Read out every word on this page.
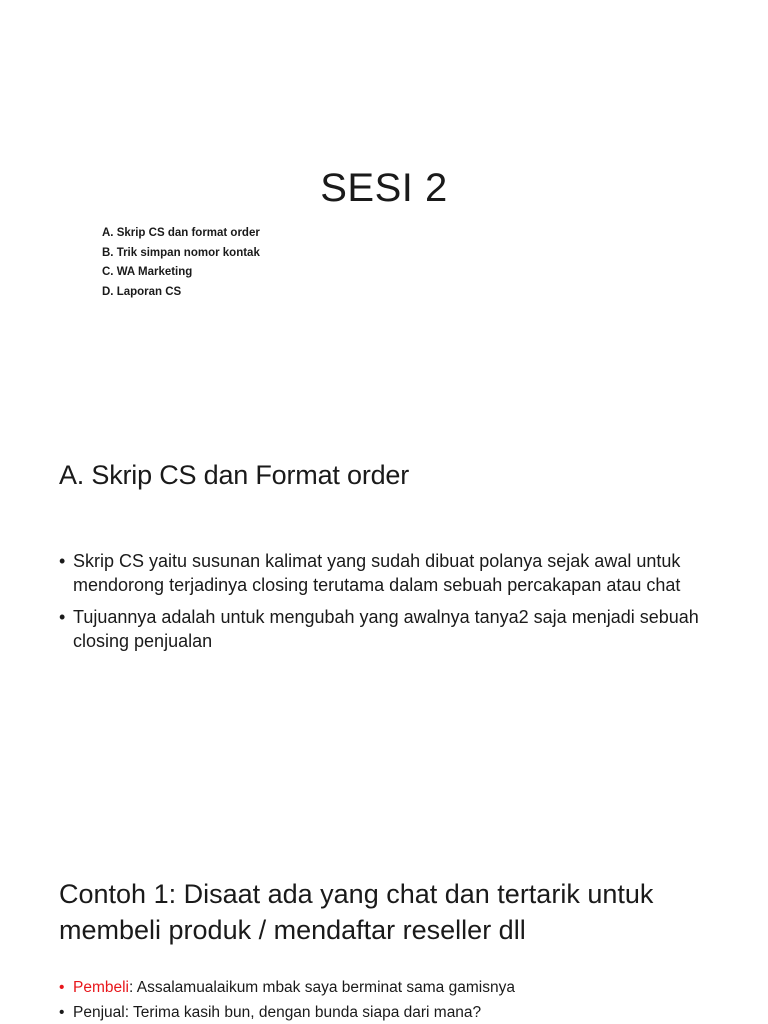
SESI 2
A. Skrip CS dan format order
B. Trik simpan nomor kontak
C. WA Marketing
D. Laporan CS
A. Skrip CS dan Format order
• Skrip CS yaitu susunan kalimat yang sudah dibuat polanya sejak awal untuk mendorong terjadinya closing terutama dalam sebuah percakapan atau chat
• Tujuannya adalah untuk mengubah yang awalnya tanya2 saja menjadi sebuah closing penjualan
Contoh 1: Disaat ada yang chat dan tertarik untuk membeli produk / mendaftar reseller dll
• Pembeli: Assalamualaikum mbak saya berminat sama gamisnya
• Penjual: Terima kasih bun, dengan bunda siapa dari mana?
